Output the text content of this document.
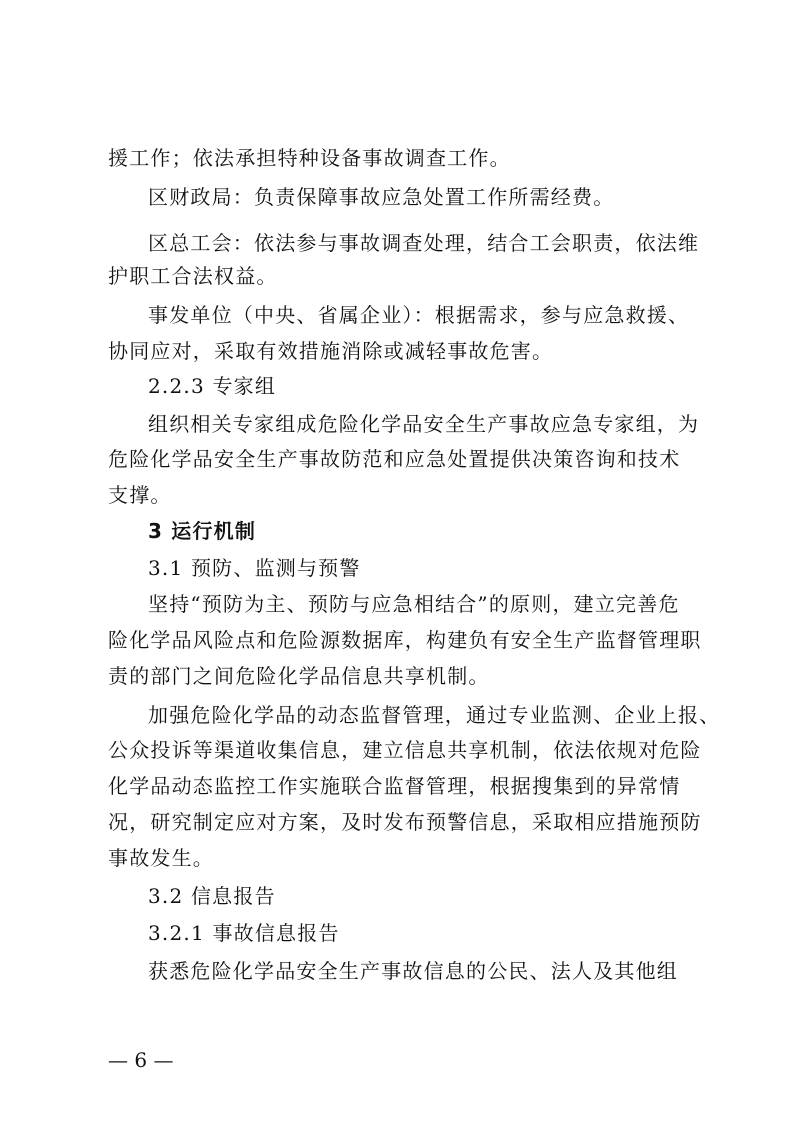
援工作；依法承担特种设备事故调查工作。
区财政局：负责保障事故应急处置工作所需经费。
区总工会：依法参与事故调查处理，结合工会职责，依法维
护职工合法权益。
事发单位（中央、省属企业）：根据需求，参与应急救援、
协同应对，采取有效措施消除或减轻事故危害。
2.2.3 专家组
组织相关专家组成危险化学品安全生产事故应急专家组，为
危险化学品安全生产事故防范和应急处置提供决策咨询和技术
支撑。
3 运行机制
3.1 预防、监测与预警
坚持“预防为主、预防与应急相结合”的原则，建立完善危
险化学品风险点和危险源数据库，构建负有安全生产监督管理职
责的部门之间危险化学品信息共享机制。
加强危险化学品的动态监督管理，通过专业监测、企业上报、
公众投诉等渠道收集信息，建立信息共享机制，依法依规对危险
化学品动态监控工作实施联合监督管理，根据搜集到的异常情
况，研究制定应对方案，及时发布预警信息，采取相应措施预防
事故发生。
3.2 信息报告
3.2.1 事故信息报告
获悉危险化学品安全生产事故信息的公民、法人及其他组
— 6 —
